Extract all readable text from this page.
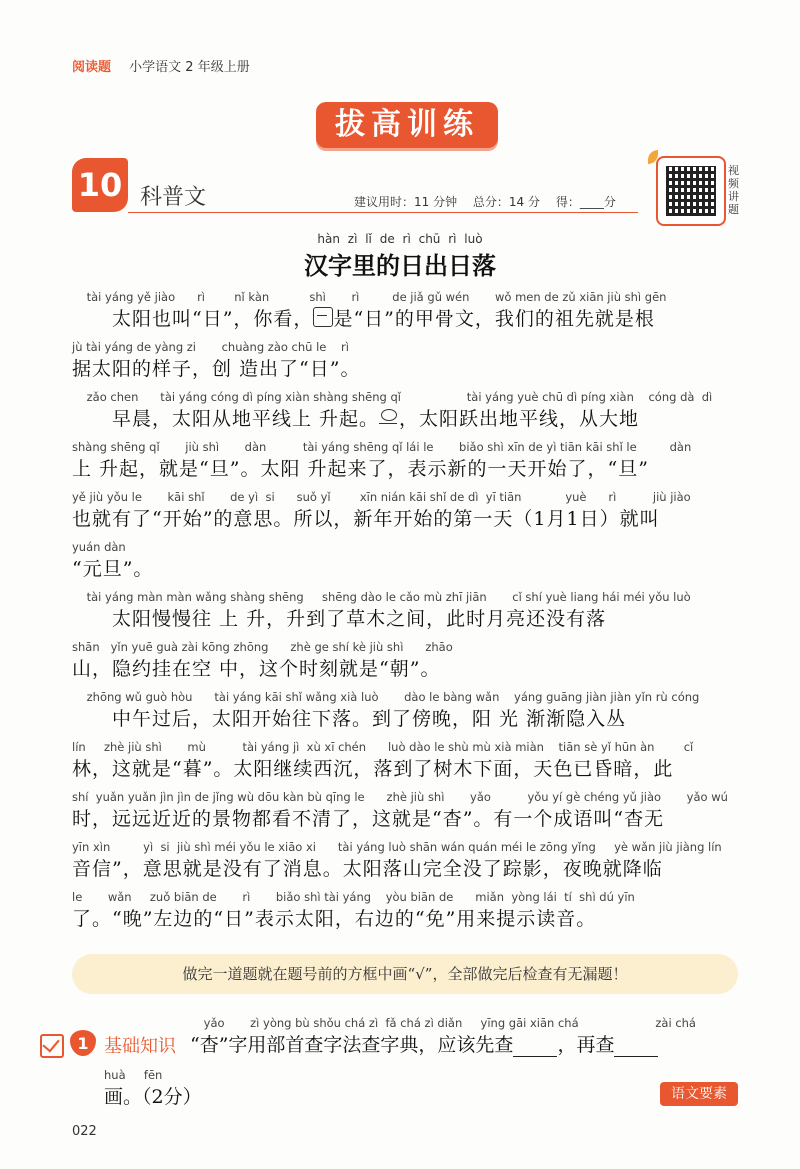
阅读题 小学语文 2 年级上册
拔高训练
10 科普文	建议用时：11 分钟 总分：14 分 得：____分
视频讲题
hàn zì lǐ de rì chū rì luò
汉字里的日出日落
tài yáng yě jiào      rì        nǐ kàn           shì       rì         de jiǎ gǔ wén       wǒ men de zǔ xiān jiù shì gēn
　　太阳也叫“日”，你看， 是“日”的甲骨文，我们的祖先就是根
jù tài yáng de yàng zi       chuàng zào chū le    rì
据太阳的样子，创 造出了“日”。
zǎo chen      tài yáng cóng dì píng xiàn shàng shēng qǐ                  tài yáng yuè chū dì píng xiàn    cóng dà  dì
　　早晨，太阳从地平线上 升起。 ，太阳跃出地平线，从大地
shàng shēng qǐ       jiù shì       dàn          tài yáng shēng qǐ lái le       biǎo shì xīn de yì tiān kāi shǐ le         dàn
上 升起，就是“旦”。太阳 升起来了，表示新的一天开始了，“旦”
yě jiù yǒu le       kāi shǐ       de yì  si      suǒ yǐ        xīn nián kāi shǐ de dì  yī tiān            yuè      rì          jiù jiào
也就有了“开始”的意思。所以，新年开始的第一天（1月1日）就叫
yuán dàn
“元旦”。
tài yáng màn màn wǎng shàng shēng     shēng dào le cǎo mù zhī jiān       cǐ shí yuè liang hái méi yǒu luò
　　太阳慢慢往 上 升，升到了草木之间，此时月亮还没有落
shān   yǐn yuē guà zài kōng zhōng      zhè ge shí kè jiù shì      zhāo
山，隐约挂在空 中，这个时刻就是“朝”。
zhōng wǔ guò hòu      tài yáng kāi shǐ wǎng xià luò       dào le bàng wǎn    yáng guāng jiàn jiàn yǐn rù cóng
　　中午过后，太阳开始往下落。到了傍晚，阳 光 渐渐隐入丛
lín     zhè jiù shì       mù          tài yáng jì  xù xī chén      luò dào le shù mù xià miàn    tiān sè yǐ hūn àn        cǐ
林，这就是“暮”。太阳继续西沉，落到了树木下面，天色已昏暗，此
shí  yuǎn yuǎn jìn jìn de jǐng wù dōu kàn bù qīng le      zhè jiù shì       yǎo          yǒu yí gè chéng yǔ jiào       yǎo wú
时，远远近近的景物都看不清了，这就是“杳”。有一个成语叫“杳无
yīn xìn         yì  si  jiù shì méi yǒu le xiāo xi      tài yáng luò shān wán quán méi le zōng yǐng     yè wǎn jiù jiàng lín
音信”，意思就是没有了消息。太阳落山完全没了踪影，夜晚就降临
le       wǎn     zuǒ biān de       rì       biǎo shì tài yáng    yòu biān de      miǎn  yòng lái  tí  shì dú yīn
了。“晚”左边的“日”表示太阳，右边的“免”用来提示读音。
做完一道题就在题号前的方框中画“√”，全部做完后检查有无漏题！
1 基础知识
yǎo       zì yòng bù shǒu chá zì  fǎ chá zì diǎn     yīng gāi xiān chá                     zài chá
“杳”字用部首查字法查字典，应该先查 ，再查
huà     fēn
画。（2分）	语文要素
022
